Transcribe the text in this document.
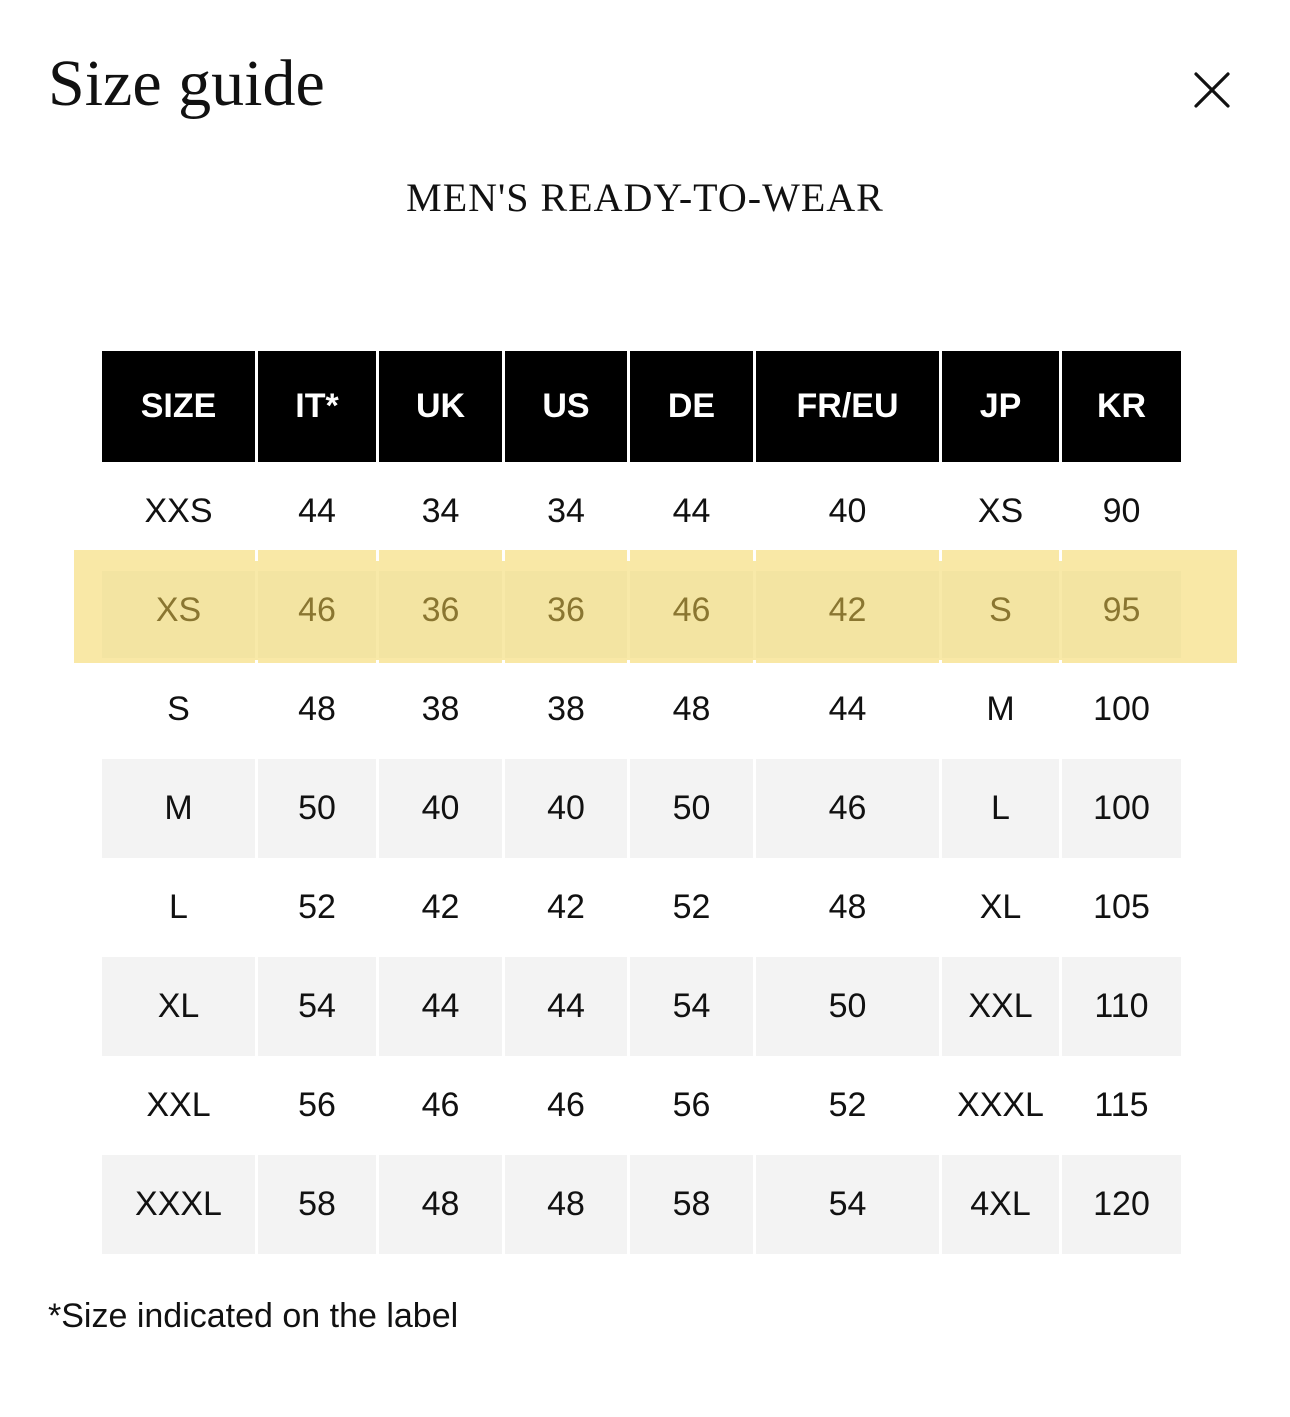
Size guide
MEN'S READY-TO-WEAR
SIZE	IT*	UK	US	DE	FR/EU	JP	KR
XXS	44	34	34	44	40	XS	90
XS	46	36	36	46	42	S	95
S	48	38	38	48	44	M	100
M	50	40	40	50	46	L	100
L	52	42	42	52	48	XL	105
XL	54	44	44	54	50	XXL	110
XXL	56	46	46	56	52	XXXL	115
XXXL	58	48	48	58	54	4XL	120

*Size indicated on the label
